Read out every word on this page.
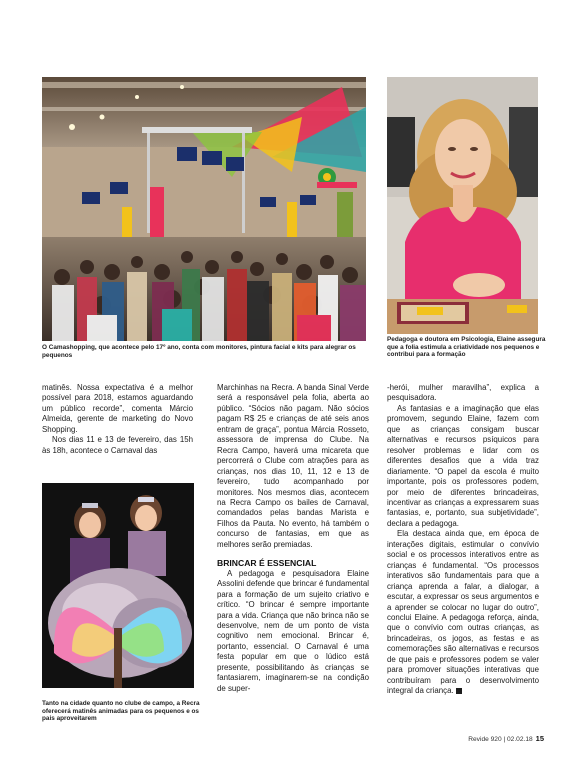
O Camashopping, que acontece pelo 17º ano, conta com monitores, pintura facial e kits para alegrar os pequenos
Pedagoga e doutora em Psicologia, Elaine assegura que a folia estimula a criatividade nos pequenos e contribui para a formação
Tanto na cidade quanto no clube de campo, a Recra oferecerá matinês animadas para os pequenos e os pais aproveitarem

matinês. Nossa expectativa é a melhor possível para 2018, estamos aguardando um público recorde”, comenta Márcio Almeida, gerente de marketing do Novo Shopping.

Nos dias 11 e 13 de fevereiro, das 15h às 18h, acontece o Carnaval das

Marchinhas na Recra. A banda Sinal Verde será a responsável pela folia, aberta ao público. “Sócios não pagam. Não sócios pagam R$ 25 e crianças de até seis anos entram de graça”, pontua Márcia Rosseto, assessora de imprensa do Clube. Na Recra Campo, haverá uma micareta que percorrerá o Clube com atrações para as crianças, nos dias 10, 11, 12 e 13 de fevereiro, tudo acompanhado por monitores. Nos mesmos dias, acontecem na Recra Campo os bailes de Carnaval, comandados pelas bandas Marista e Filhos da Pauta. No evento, há também o concurso de fantasias, em que as melhores serão premiadas.

BRINCAR É ESSENCIAL

A pedagoga e pesquisadora Elaine Assolini defende que brincar é fundamental para a formação de um sujeito criativo e crítico. “O brincar é sempre importante para a vida. Criança que não brinca não se desenvolve, nem de um ponto de vista cognitivo nem emocional. Brincar é, portanto, essencial. O Carnaval é uma festa popular em que o lúdico está presente, possibilitando às crianças se fantasiarem, imaginarem-se na condição de super-

-herói, mulher maravilha”, explica a pesquisadora.

As fantasias e a imaginação que elas promovem, segundo Elaine, fazem com que as crianças consigam buscar alternativas e recursos psíquicos para resolver problemas e lidar com os diferentes desafios que a vida traz diariamente. “O papel da escola é muito importante, pois os professores podem, por meio de diferentes brincadeiras, incentivar as crianças a expressarem suas fantasias, e, portanto, sua subjetividade”, declara a pedagoga.

Ela destaca ainda que, em época de interações digitais, estimular o convívio social e os processos interativos entre as crianças é fundamental. “Os processos interativos são fundamentais para que a criança aprenda a falar, a dialogar, a escutar, a expressar os seus argumentos e a aprender se colocar no lugar do outro”, conclui Elaine. A pedagoga reforça, ainda, que o convívio com outras crianças, as brincadeiras, os jogos, as festas e as comemorações são alternativas e recursos de que pais e professores podem se valer para promover situações interativas que contribuíram para o desenvolvimento integral da criança.

Revide 920 | 02.02.18 15
